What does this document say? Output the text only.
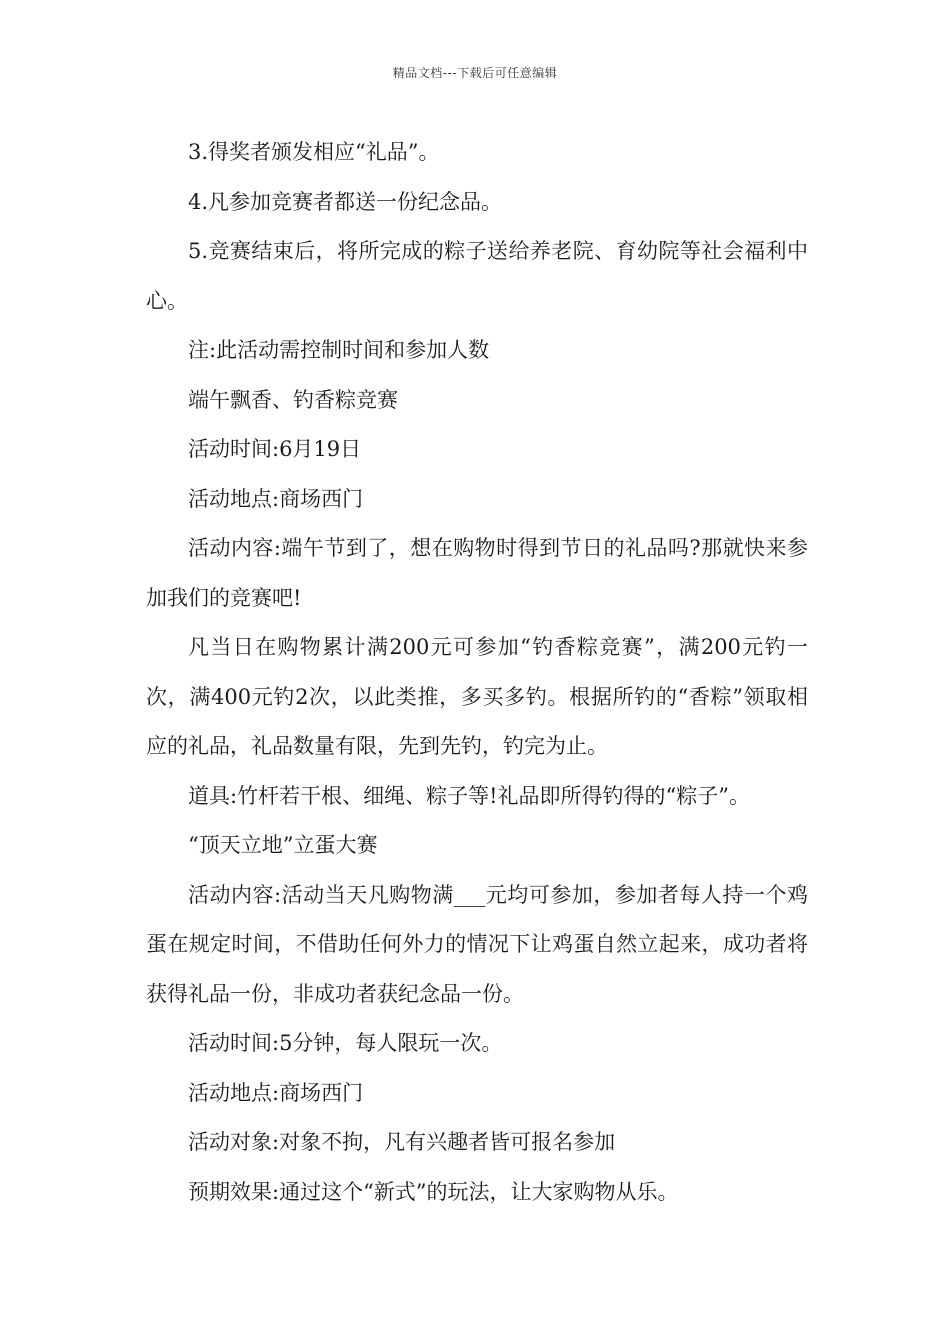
精品文档---下载后可任意编辑

3.得奖者颁发相应“礼品”。

4.凡参加竞赛者都送一份纪念品。

5.竞赛结束后，将所完成的粽子送给养老院、育幼院等社会福利中心。

注:此活动需控制时间和参加人数

端午飘香、钓香粽竞赛

活动时间:6月19日

活动地点:商场西门

活动内容:端午节到了，想在购物时得到节日的礼品吗?那就快来参加我们的竞赛吧!

凡当日在购物累计满200元可参加“钓香粽竞赛”，满200元钓一次，满400元钓2次，以此类推，多买多钓。根据所钓的“香粽”领取相应的礼品，礼品数量有限，先到先钓，钓完为止。

道具:竹杆若干根、细绳、粽子等!礼品即所得钓得的“粽子”。

“顶天立地”立蛋大赛

活动内容:活动当天凡购物满___元均可参加，参加者每人持一个鸡蛋在规定时间，不借助任何外力的情况下让鸡蛋自然立起来，成功者将获得礼品一份，非成功者获纪念品一份。

活动时间:5分钟，每人限玩一次。

活动地点:商场西门

活动对象:对象不拘，凡有兴趣者皆可报名参加

预期效果:通过这个“新式”的玩法，让大家购物从乐。
